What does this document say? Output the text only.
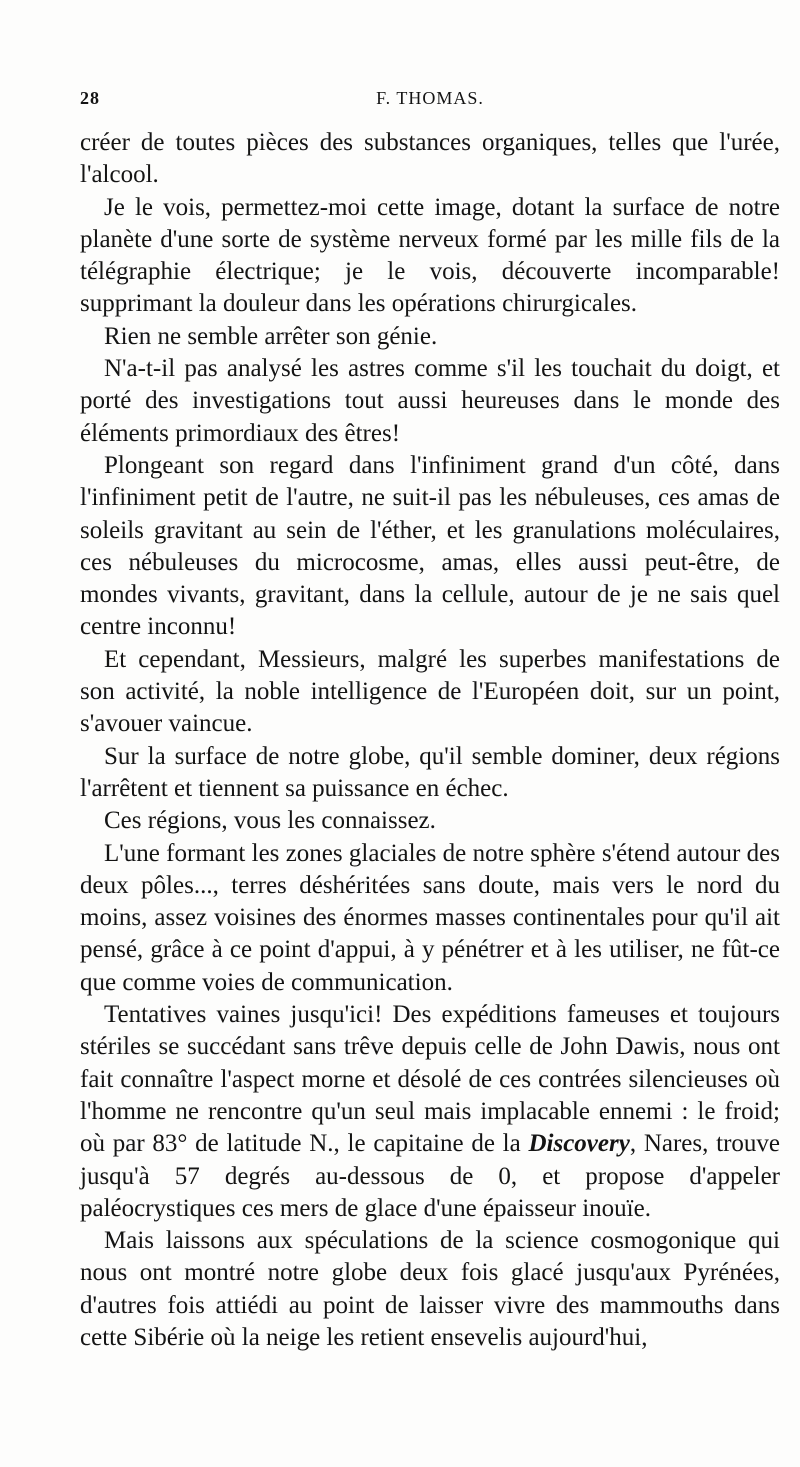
28	F. THOMAS.

créer de toutes pièces des substances organiques, telles que l'urée, l'alcool.

Je le vois, permettez-moi cette image, dotant la surface de notre planète d'une sorte de système nerveux formé par les mille fils de la télégraphie électrique; je le vois, découverte incomparable! supprimant la douleur dans les opérations chirurgicales.

Rien ne semble arrêter son génie.

N'a-t-il pas analysé les astres comme s'il les touchait du doigt, et porté des investigations tout aussi heureuses dans le monde des éléments primordiaux des êtres!

Plongeant son regard dans l'infiniment grand d'un côté, dans l'infiniment petit de l'autre, ne suit-il pas les nébuleuses, ces amas de soleils gravitant au sein de l'éther, et les granulations moléculaires, ces nébuleuses du microcosme, amas, elles aussi peut-être, de mondes vivants, gravitant, dans la cellule, autour de je ne sais quel centre inconnu!

Et cependant, Messieurs, malgré les superbes manifestations de son activité, la noble intelligence de l'Européen doit, sur un point, s'avouer vaincue.

Sur la surface de notre globe, qu'il semble dominer, deux régions l'arrêtent et tiennent sa puissance en échec.

Ces régions, vous les connaissez.

L'une formant les zones glaciales de notre sphère s'étend autour des deux pôles..., terres déshéritées sans doute, mais vers le nord du moins, assez voisines des énormes masses continentales pour qu'il ait pensé, grâce à ce point d'appui, à y pénétrer et à les utiliser, ne fût-ce que comme voies de communication.

Tentatives vaines jusqu'ici! Des expéditions fameuses et toujours stériles se succédant sans trêve depuis celle de John Dawis, nous ont fait connaître l'aspect morne et désolé de ces contrées silencieuses où l'homme ne rencontre qu'un seul mais implacable ennemi : le froid; où par 83° de latitude N., le capitaine de la Discovery, Nares, trouve jusqu'à 57 degrés au-dessous de 0, et propose d'appeler paléocrystiques ces mers de glace d'une épaisseur inouïe.

Mais laissons aux spéculations de la science cosmogonique qui nous ont montré notre globe deux fois glacé jusqu'aux Pyrénées, d'autres fois attiédi au point de laisser vivre des mammouths dans cette Sibérie où la neige les retient ensevelis aujourd'hui,
